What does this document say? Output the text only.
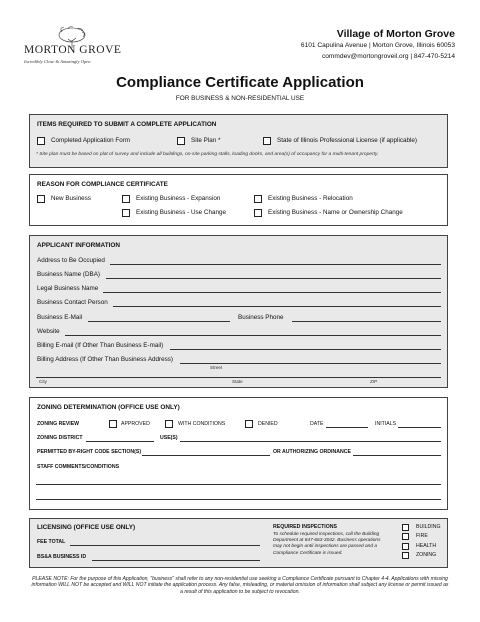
MORTON GROVE
Incredibly Close & Amazingly Open
Village of Morton Grove
6101 Capulina Avenue | Morton Grove, Illinois 60053
commdev@mortongroveil.org | 847-470-5214
Compliance Certificate Application
FOR BUSINESS & NON-RESIDENTIAL USE
ITEMS REQUIRED TO SUBMIT A COMPLETE APPLICATION
Completed Application Form	Site Plan *	State of Illinois Professional License (if applicable)
* Site plan must be based on plat of survey and include all buildings, on-site parking stalls, loading docks, and area(s) of occupancy for a multi-tenant property.
REASON FOR COMPLIANCE CERTIFICATE
New Business	Existing Business - Expansion	Existing Business - Relocation
Existing Business - Use Change	Existing Business - Name or Ownership Change
APPLICANT INFORMATION
Address to Be Occupied
Business Name (DBA)
Legal Business Name
Business Contact Person
Business E-Mail	Business Phone
Website
Billing E-mail (If Other Than Business E-mail)
Billing Address (If Other Than Business Address)
Street
City	State	ZIP
ZONING DETERMINATION (OFFICE USE ONLY)
ZONING REVIEW	APPROVED	WITH CONDITIONS	DENIED	DATE	INITIALS
ZONING DISTRICT	USE(S)
PERMITTED BY-RIGHT CODE SECTION(S)	OR AUTHORIZING ORDINANCE
STAFF COMMENTS/CONDITIONS
LICENSING (OFFICE USE ONLY)
FEE TOTAL
BS&A BUSINESS ID
REQUIRED INSPECTIONS
To schedule required inspections, call the Building
Department at 847-663-3042. Business operations
may not begin until inspections are passed and a
Compliance Certificate is issued.
BUILDING
FIRE
HEALTH
ZONING
PLEASE NOTE: For the purpose of this Application, "business" shall refer to any non-residential use seeking a Compliance Certificate pursuant to Chapter 4-4. Applications with missing information WILL NOT be accepted and WILL NOT initiate the application process. Any false, misleading, or material omission of information shall subject any license or permit issued as a result of this application to be subject to revocation.
